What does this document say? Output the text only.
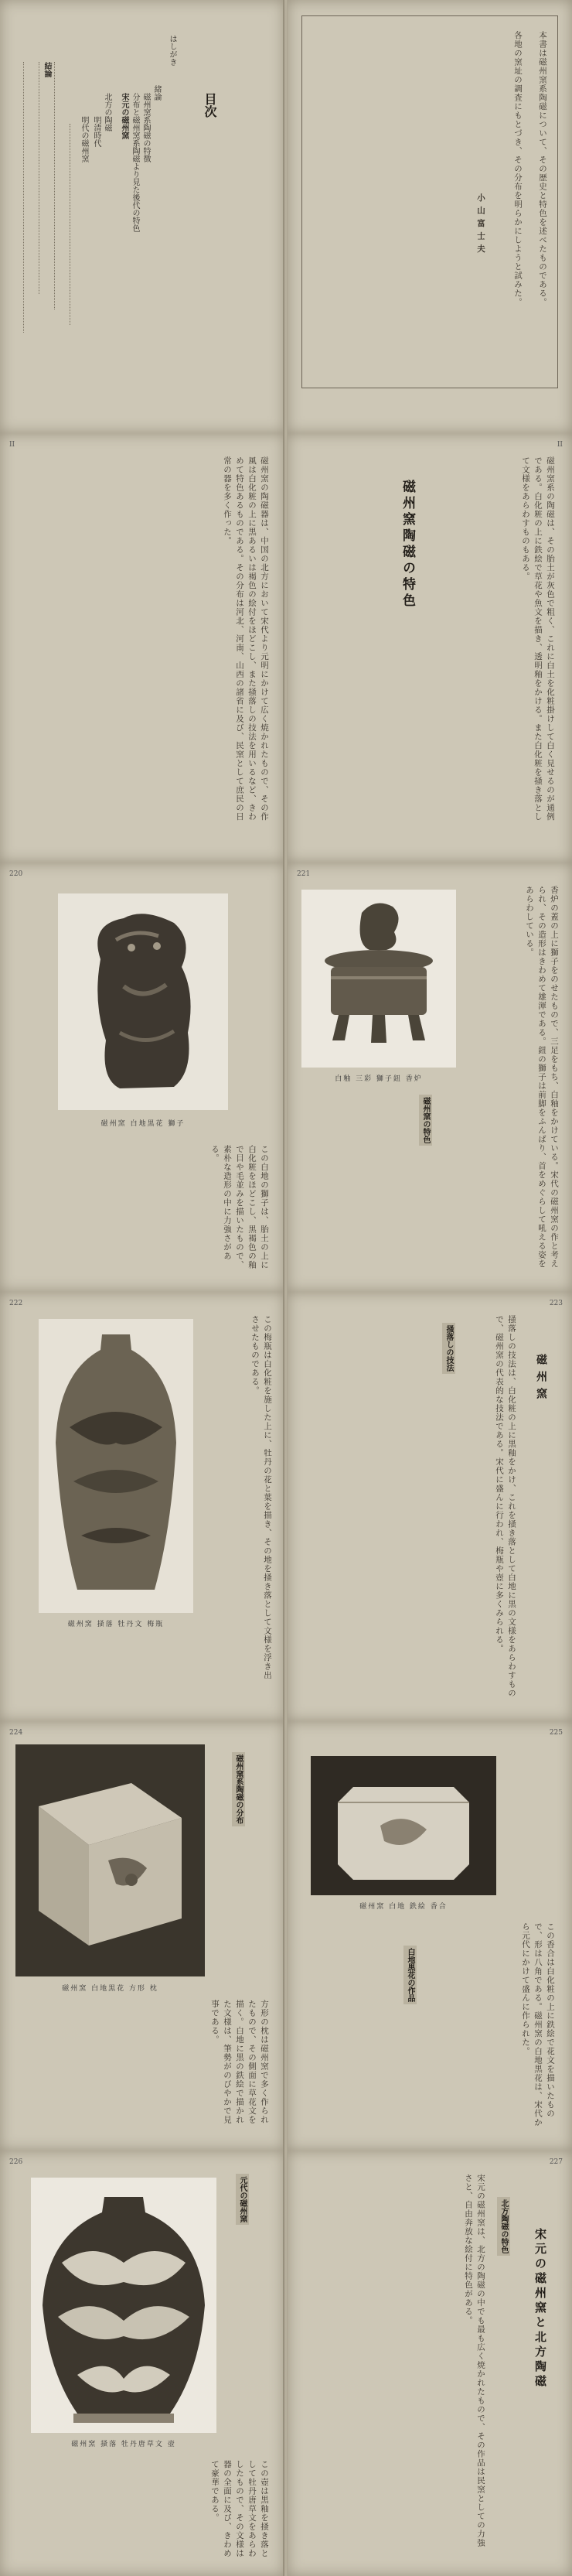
目次
はしがき
緒論
磁州窯系陶磁の特徴
分布と磁州窯系陶磁より見た後代の特色
宋元の磁州窯
北方の陶磁
明清時代
明代の磁州窯
結論	本書は磁州窯系陶磁について、その歴史と特色を述べたものである。
各地の窯址の調査にもとづき、その分布を明らかにしようと試みた。
小山富士夫
II
磁州窯の陶磁器は、中国の北方において宋代より元明にかけて広く焼かれたもので、その作風は白化粧の上に黒あるいは褐色の絵付をほどこし、また掻落しの技法を用いるなど、きわめて特色あるものである。その分布は河北、河南、山西の諸省に及び、民窯として庶民の日常の器を多く作った。
II
磁州窯陶磁の特色	磁州窯系の陶磁は、その胎土が灰色で粗く、これに白土を化粧掛けして白く見せるのが通例である。白化粧の上に鉄絵で草花や魚文を描き、透明釉をかける。また白化粧を掻き落として文様をあらわすものもある。
220
磁州窯 白地黒花 獅子
この白地の獅子は、胎土の上に白化粧をほどこし、黒褐色の釉で目や毛並みを描いたもので、素朴な造形の中に力強さがある。
221
白釉 三彩 獅子鈕 香炉
磁州窯の特色	香炉の蓋の上に獅子をのせたもので、三足をもち、白釉をかけている。宋代の磁州窯の作と考えられ、その造形はきわめて雄渾である。鈕の獅子は前脚をふんばり、首をめぐらして吼える姿をあらわしている。
222
磁州窯 掻落 牡丹文 梅瓶	この梅瓶は白化粧を施した上に、牡丹の花と葉を描き、その地を掻き落として文様を浮き出させたものである。
223
磁州窯
掻落しの技法	掻落しの技法は、白化粧の上に黒釉をかけ、これを掻き落として白地に黒の文様をあらわすもので、磁州窯の代表的な技法である。宋代に盛んに行われ、梅瓶や壺に多くみられる。
224
磁州窯 白地黒花 方形 枕
磁州窯系陶磁の分布
方形の枕は磁州窯で多く作られたもので、その側面に草花文を描く。白地に黒の鉄絵で描かれた文様は、筆勢がのびやかで見事である。
225
磁州窯 白地 鉄絵 香合
白地黒花の作品	この香合は白化粧の上に鉄絵で花文を描いたもので、形は八角である。磁州窯の白地黒花は、宋代から元代にかけて盛んに作られた。
226
磁州窯 掻落 牡丹唐草文 壺
元代の磁州窯
この壺は黒釉を掻き落として牡丹唐草文をあらわしたもので、その文様は器の全面に及び、きわめて豪華である。
227
宋元の磁州窯と北方陶磁
北方陶磁の特色
宋元の磁州窯は、北方の陶磁の中でも最も広く焼かれたもので、その作品は民窯としての力強さと、自由奔放な絵付に特色がある。
